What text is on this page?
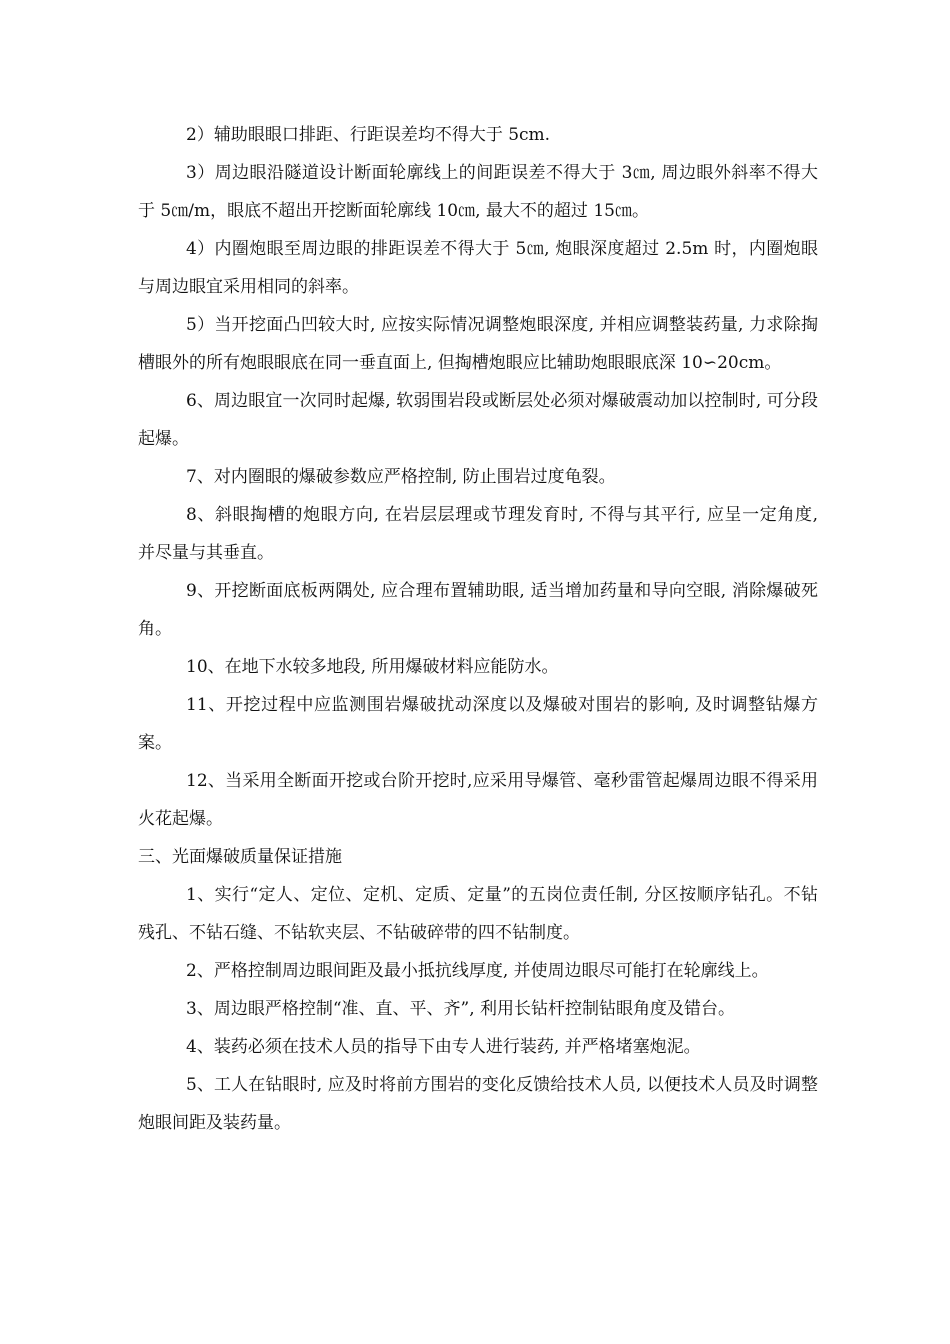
2）辅助眼眼口排距、行距误差均不得大于 5cm.

3）周边眼沿隧道设计断面轮廓线上的间距误差不得大于 3㎝, 周边眼外斜率不得大于 5㎝/m，眼底不超出开挖断面轮廓线 10㎝, 最大不的超过 15㎝。

4）内圈炮眼至周边眼的排距误差不得大于 5㎝, 炮眼深度超过 2.5m 时，内圈炮眼与周边眼宜采用相同的斜率。

5）当开挖面凸凹较大时, 应按实际情况调整炮眼深度, 并相应调整装药量, 力求除掏槽眼外的所有炮眼眼底在同一垂直面上, 但掏槽炮眼应比辅助炮眼眼底深 10∽20cm。

6、周边眼宜一次同时起爆, 软弱围岩段或断层处必须对爆破震动加以控制时, 可分段起爆。

7、对内圈眼的爆破参数应严格控制, 防止围岩过度龟裂。

8、斜眼掏槽的炮眼方向, 在岩层层理或节理发育时, 不得与其平行, 应呈一定角度, 并尽量与其垂直。

9、开挖断面底板两隅处, 应合理布置辅助眼, 适当增加药量和导向空眼, 消除爆破死角。

10、在地下水较多地段, 所用爆破材料应能防水。

11、开挖过程中应监测围岩爆破扰动深度以及爆破对围岩的影响, 及时调整钻爆方案。

12、当采用全断面开挖或台阶开挖时,应采用导爆管、毫秒雷管起爆周边眼不得采用火花起爆。

三、光面爆破质量保证措施

1、实行“定人、定位、定机、定质、定量”的五岗位责任制, 分区按顺序钻孔。不钻残孔、不钻石缝、不钻软夹层、不钻破碎带的四不钻制度。

2、严格控制周边眼间距及最小抵抗线厚度, 并使周边眼尽可能打在轮廓线上。

3、周边眼严格控制“准、直、平、齐”, 利用长钻杆控制钻眼角度及错台。

4、装药必须在技术人员的指导下由专人进行装药, 并严格堵塞炮泥。

5、工人在钻眼时, 应及时将前方围岩的变化反馈给技术人员, 以便技术人员及时调整炮眼间距及装药量。
